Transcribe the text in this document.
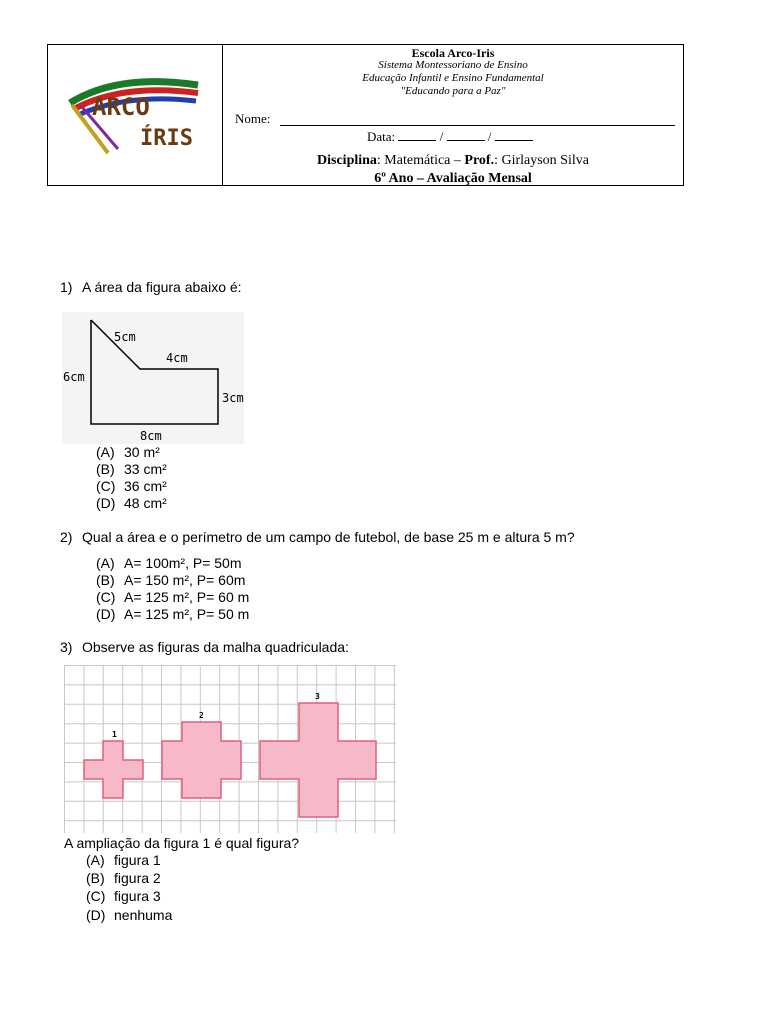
ARCO
ÍRIS
Escola Arco-Iris
Sistema Montessoriano de Ensino
Educação Infantil e Ensino Fundamental
"Educando para a Paz"
Nome:
Data:	/	/
Disciplina: Matemática – Prof.: Girlayson Silva
6º Ano – Avaliação Mensal
1) A área da figura abaixo é:
5cm
4cm
6cm
3cm
8cm
(A) 30 m²
(B) 33 cm²
(C) 36 cm²
(D) 48 cm²
2) Qual a área e o perímetro de um campo de futebol, de base 25 m e altura 5 m?
(A) A= 100m², P= 50m
(B) A= 150 m², P= 60m
(C) A= 125 m², P= 60 m
(D) A= 125 m², P= 50 m
3) Observe as figuras da malha quadriculada:
1
2
3
A ampliação da figura 1 é qual figura?
(A) figura 1
(B) figura 2
(C) figura 3
(D) nenhuma
